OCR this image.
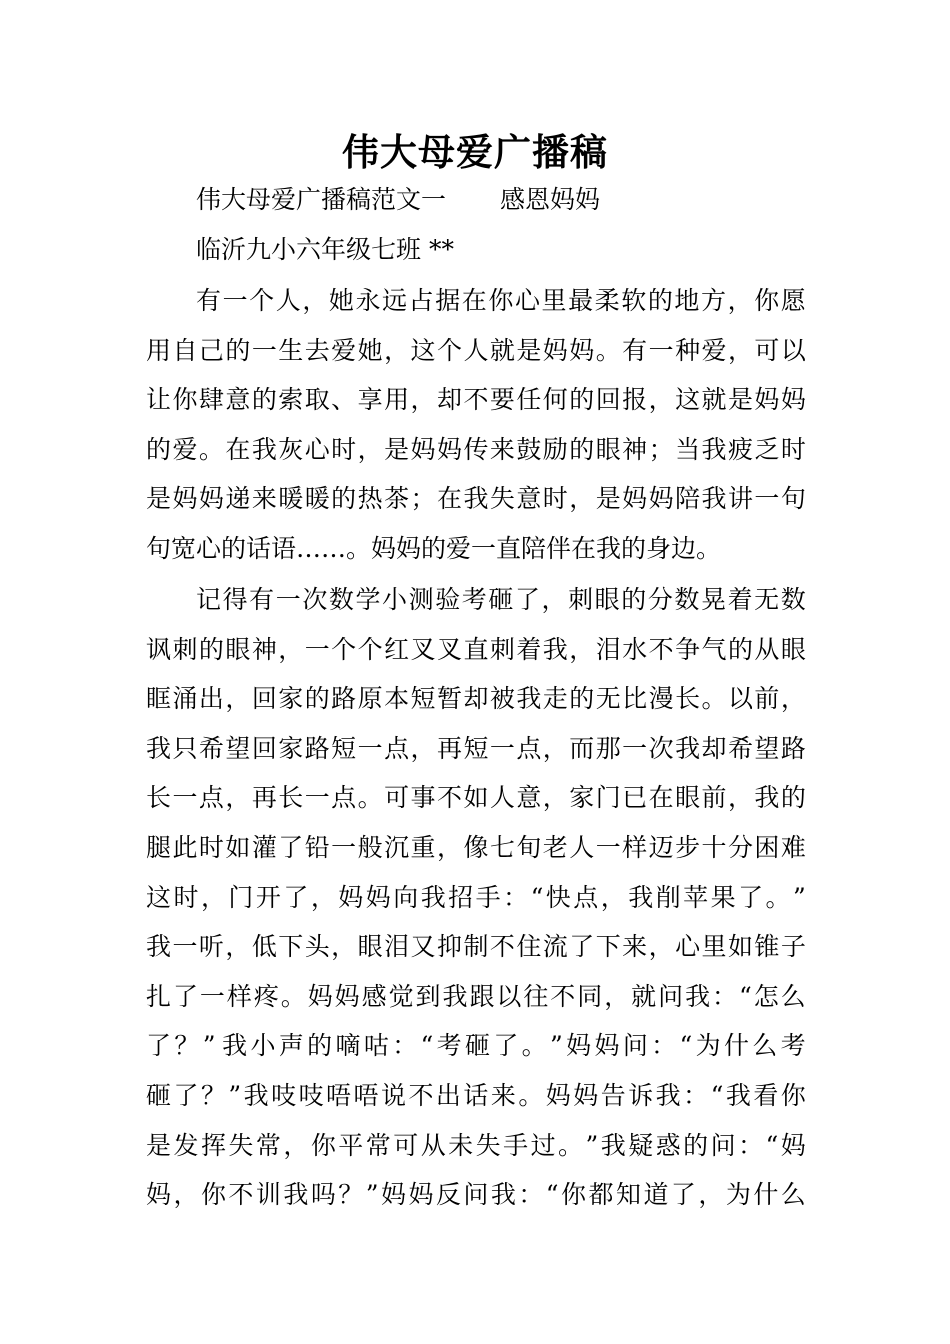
伟大母爱广播稿
伟大母爱广播稿范文一 感恩妈妈
临沂九小六年级七班 **
有 一 个 人 ， 她 永 远 占 据 在 你 心 里 最 柔 软 的 地 方 ， 你 愿
用 自 己 的 一 生 去 爱 她 ， 这 个 人 就 是 妈 妈 。 有 一 种 爱 ， 可 以
让 你 肆 意 的 索 取 、 享 用 ， 却 不 要 任 何 的 回 报 ， 这 就 是 妈 妈
的 爱 。 在 我 灰 心 时 ， 是 妈 妈 传 来 鼓 励 的 眼 神 ； 当 我 疲 乏 时
是 妈 妈 递 来 暖 暖 的 热 茶 ； 在 我 失 意 时 ， 是 妈 妈 陪 我 讲 一 句
句宽心的话语……。妈妈的爱一直陪伴在我的身边。
记 得 有 一 次 数 学 小 测 验 考 砸 了 ， 刺 眼 的 分 数 晃 着 无 数
讽 刺 的 眼 神 ， 一 个 个 红 叉 叉 直 刺 着 我 ， 泪 水 不 争 气 的 从 眼
眶 涌 出 ， 回 家 的 路 原 本 短 暂 却 被 我 走 的 无 比 漫 长 。 以 前 ，
我 只 希 望 回 家 路 短 一 点 ， 再 短 一 点 ， 而 那 一 次 我 却 希 望 路
长 一 点 ， 再 长 一 点 。 可 事 不 如 人 意 ， 家 门 已 在 眼 前 ， 我 的
腿 此 时 如 灌 了 铅 一 般 沉 重 ， 像 七 旬 老 人 一 样 迈 步 十 分 困 难
这 时 ， 门 开 了 ， 妈 妈 向 我 招 手 ： “ 快 点 ， 我 削 苹 果 了 。 ”
我 一 听 ， 低 下 头 ， 眼 泪 又 抑 制 不 住 流 了 下 来 ， 心 里 如 锥 子
扎 了 一 样 疼 。 妈 妈 感 觉 到 我 跟 以 往 不 同 ， 就 问 我 ： “ 怎 么
了 ？ ” 我 小 声 的 嘀 咕 ： “ 考 砸 了 。 ” 妈 妈 问 ： “ 为 什 么 考
砸 了 ？ ” 我 吱 吱 唔 唔 说 不 出 话 来 。 妈 妈 告 诉 我 ： “ 我 看 你
是 发 挥 失 常 ， 你 平 常 可 从 未 失 手 过 。 ” 我 疑 惑 的 问 ： “ 妈
妈 ， 你 不 训 我 吗 ？ ” 妈 妈 反 问 我 ： “ 你 都 知 道 了 ， 为 什 么
